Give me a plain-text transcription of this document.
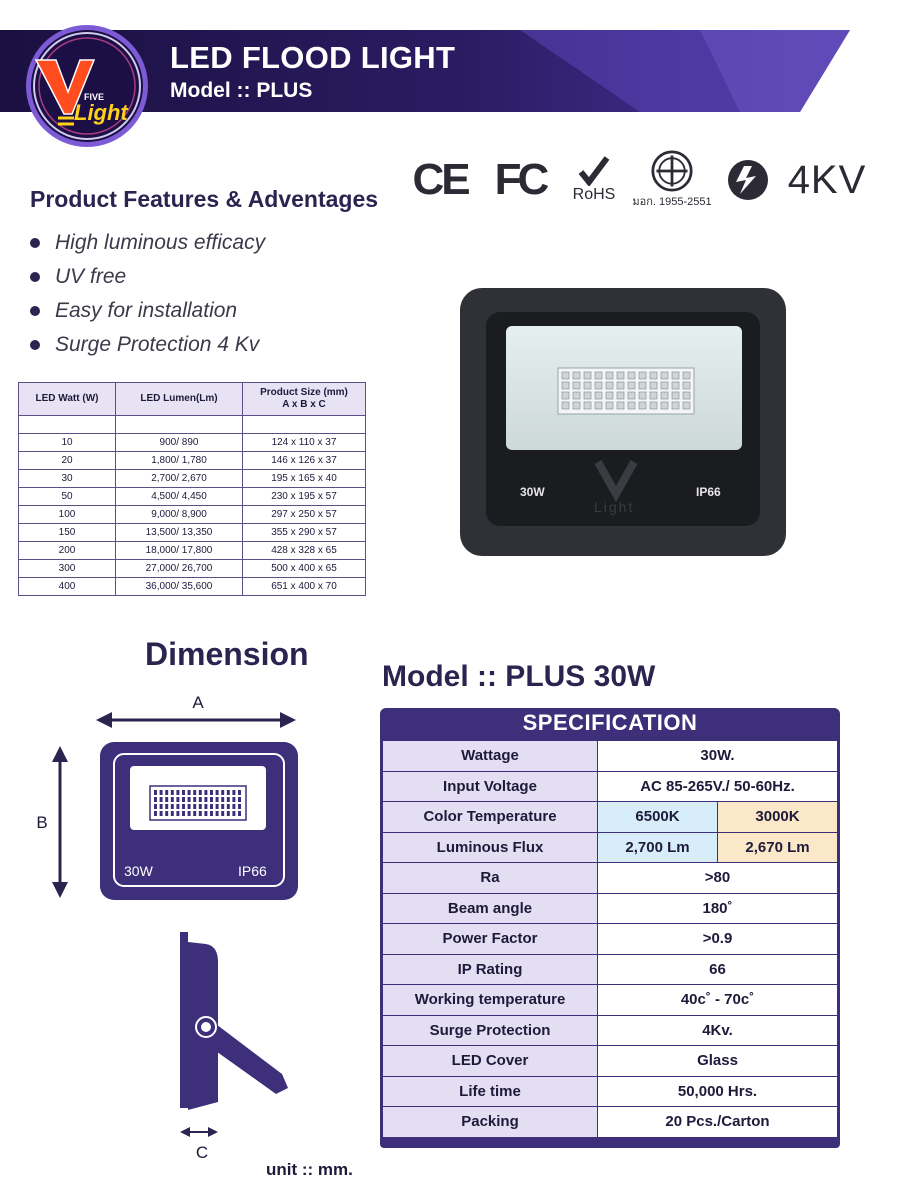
FIVE
Light
LED FLOOD LIGHT
Model :: PLUS
CE FC	RoHS มอก. 1955-2551
4KV
Product Features & Adventages
High luminous efficacy
UV free
Easy for installation
Surge Protection 4 Kv
LED Watt (W)	LED Lumen(Lm)	Product Size (mm)
A x B x C

10	900/ 890	124 x 110 x 37
20	1,800/ 1,780	146 x 126 x 37
30	2,700/ 2,670	195 x 165 x 40
50	4,500/ 4,450	230 x 195 x 57
100	9,000/ 8,900	297 x 250 x 57
150	13,500/ 13,350	355 x 290 x 57
200	18,000/ 17,800	428 x 328 x 65
300	27,000/ 26,700	500 x 400 x 65
400	36,000/ 35,600	651 x 400 x 70
30W	IP66
Light
Dimension
A
B
30W	IP66
C
unit :: mm.
Model :: PLUS 30W
SPECIFICATION
Wattage	30W.	
Input Voltage	AC 85-265V./ 50-60Hz.	
Color Temperature	6500K	3000K
Luminous Flux	2,700 Lm	2,670 Lm
Ra	>80	
Beam angle	180˚	
Power Factor	>0.9	
IP Rating	66	
Working temperature	40c˚ - 70c˚	
Surge Protection	4Kv.	
LED Cover	Glass	
Life time	50,000 Hrs.	
Packing	20 Pcs./Carton	
